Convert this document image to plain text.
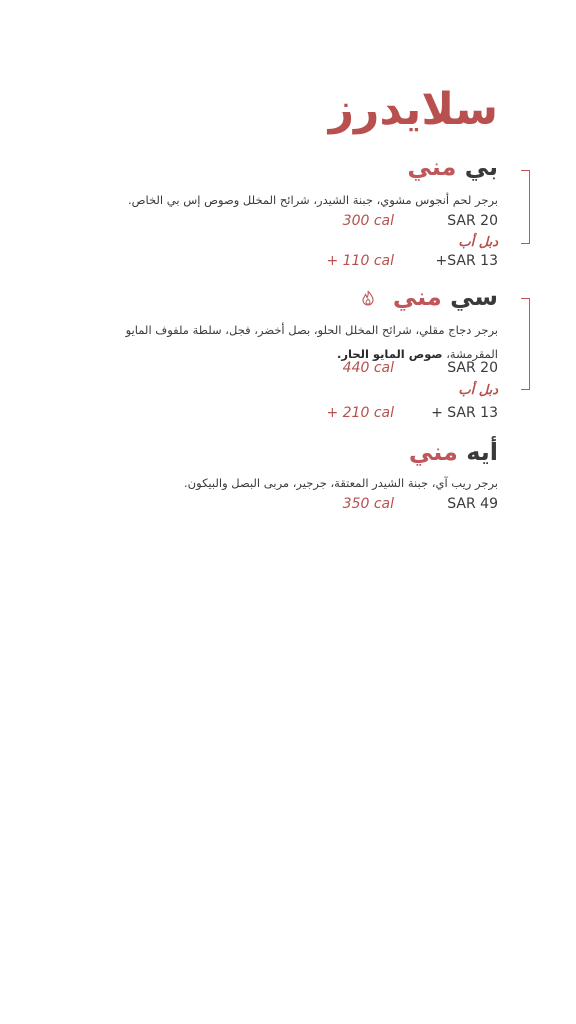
سلايدرز
بي مني

برجر لحم أنجوس مشوي، جبنة الشيدر، شرائح المخلل وصوص إس بي الخاص.

SAR 20
300 cal
دبل أب
+SAR 13
+ 110 cal
سي مني

برجر دجاج مقلي، شرائح المخلل الحلو، بصل أخضر، فجل، سلطة ملفوف المايو
المقرمشة، صوص المايو الحار.

SAR 20
440 cal
دبل أب
+ SAR 13
+ 210 cal
أيه مني

برجر ريب آي، جبنة الشيدر المعتقة، جرجير، مربى البصل والبيكون.

SAR 49
350 cal
